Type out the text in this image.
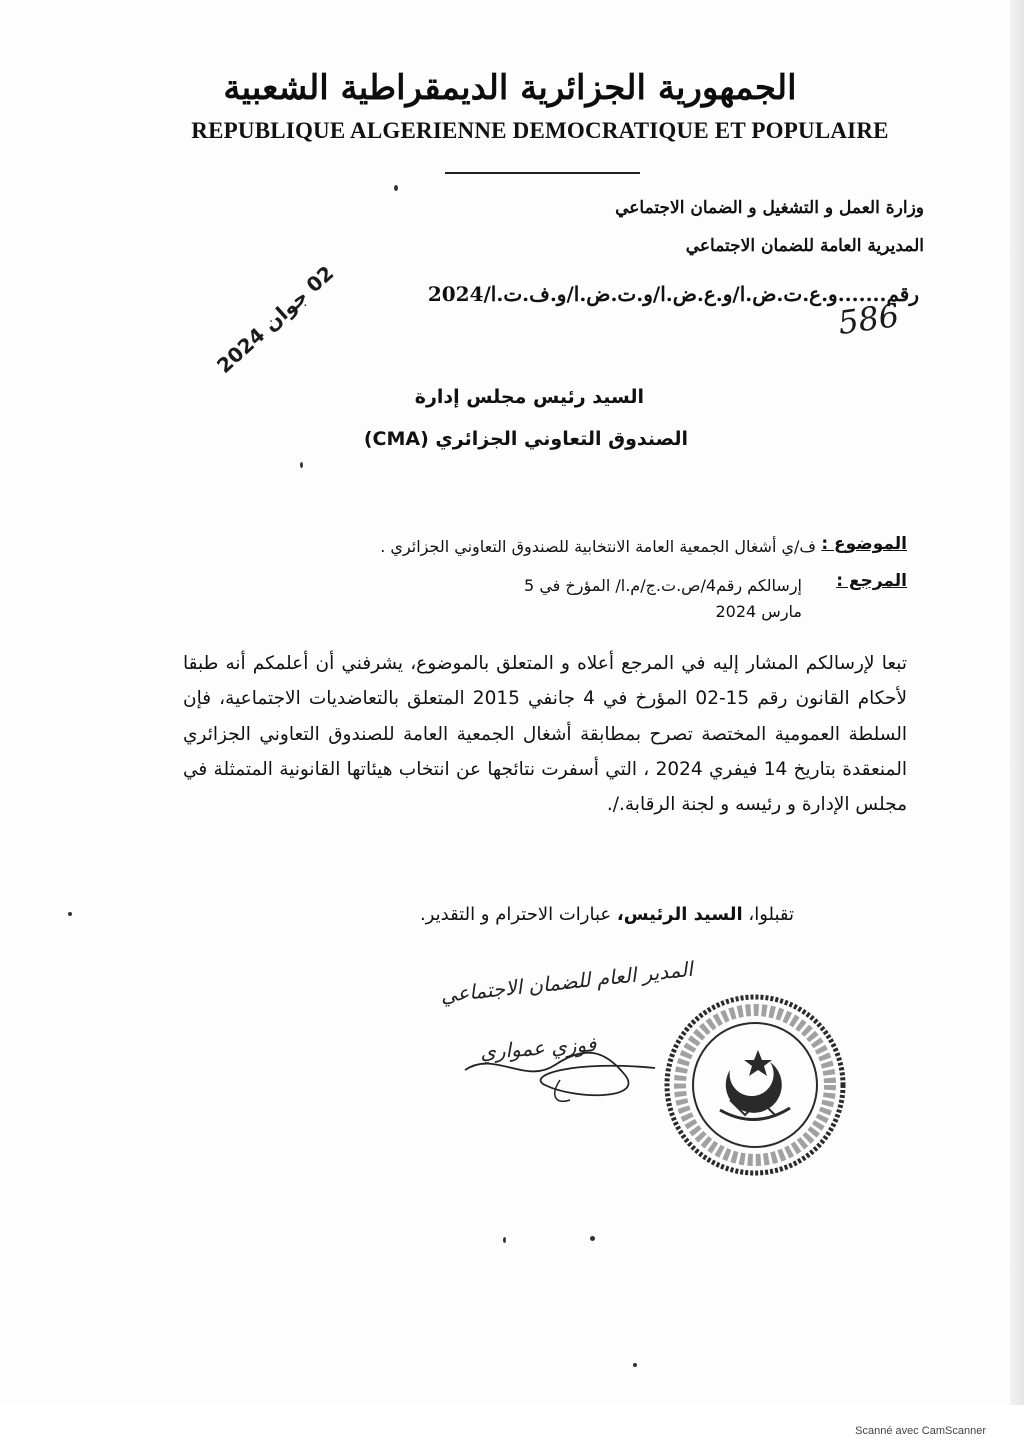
الجمهورية الجزائرية الديمقراطية الشعبية
REPUBLIQUE ALGERIENNE DEMOCRATIQUE ET POPULAIRE
وزارة العمل و التشغيل و الضمان الاجتماعي
المديرية العامة للضمان الاجتماعي
رقم.......و.ع.ت.ض.ا/و.ع.ض.ا/و.ت.ض.ا/و.ف.ت.ا/2024
586
02 جوان 2024
السيد رئيس مجلس إدارة
الصندوق التعاوني الجزائري (CMA)
الموضوع :
ف/ي أشغال الجمعية العامة الانتخابية للصندوق التعاوني الجزائري .
المرجع :
إرسالكم رقم4/ص.ت.ج/م.ا/ المؤرخ في 5 مارس 2024
تبعا لإرسالكم المشار إليه في المرجع أعلاه و المتعلق بالموضوع، يشرفني أن أعلمكم أنه طبقا لأحكام القانون رقم 15-02 المؤرخ في 4 جانفي 2015 المتعلق بالتعاضديات الاجتماعية، فإن السلطة العمومية المختصة تصرح بمطابقة أشغال الجمعية العامة للصندوق التعاوني الجزائري المنعقدة بتاريخ 14 فيفري 2024 ، التي أسفرت نتائجها عن انتخاب هيئاتها القانونية المتمثلة في مجلس الإدارة و رئيسه و لجنة الرقابة./.
تقبلوا، السيد الرئيس، عبارات الاحترام و التقدير.
المدير العام للضمان الاجتماعي
فوزي عمواري
Scanné avec CamScanner
